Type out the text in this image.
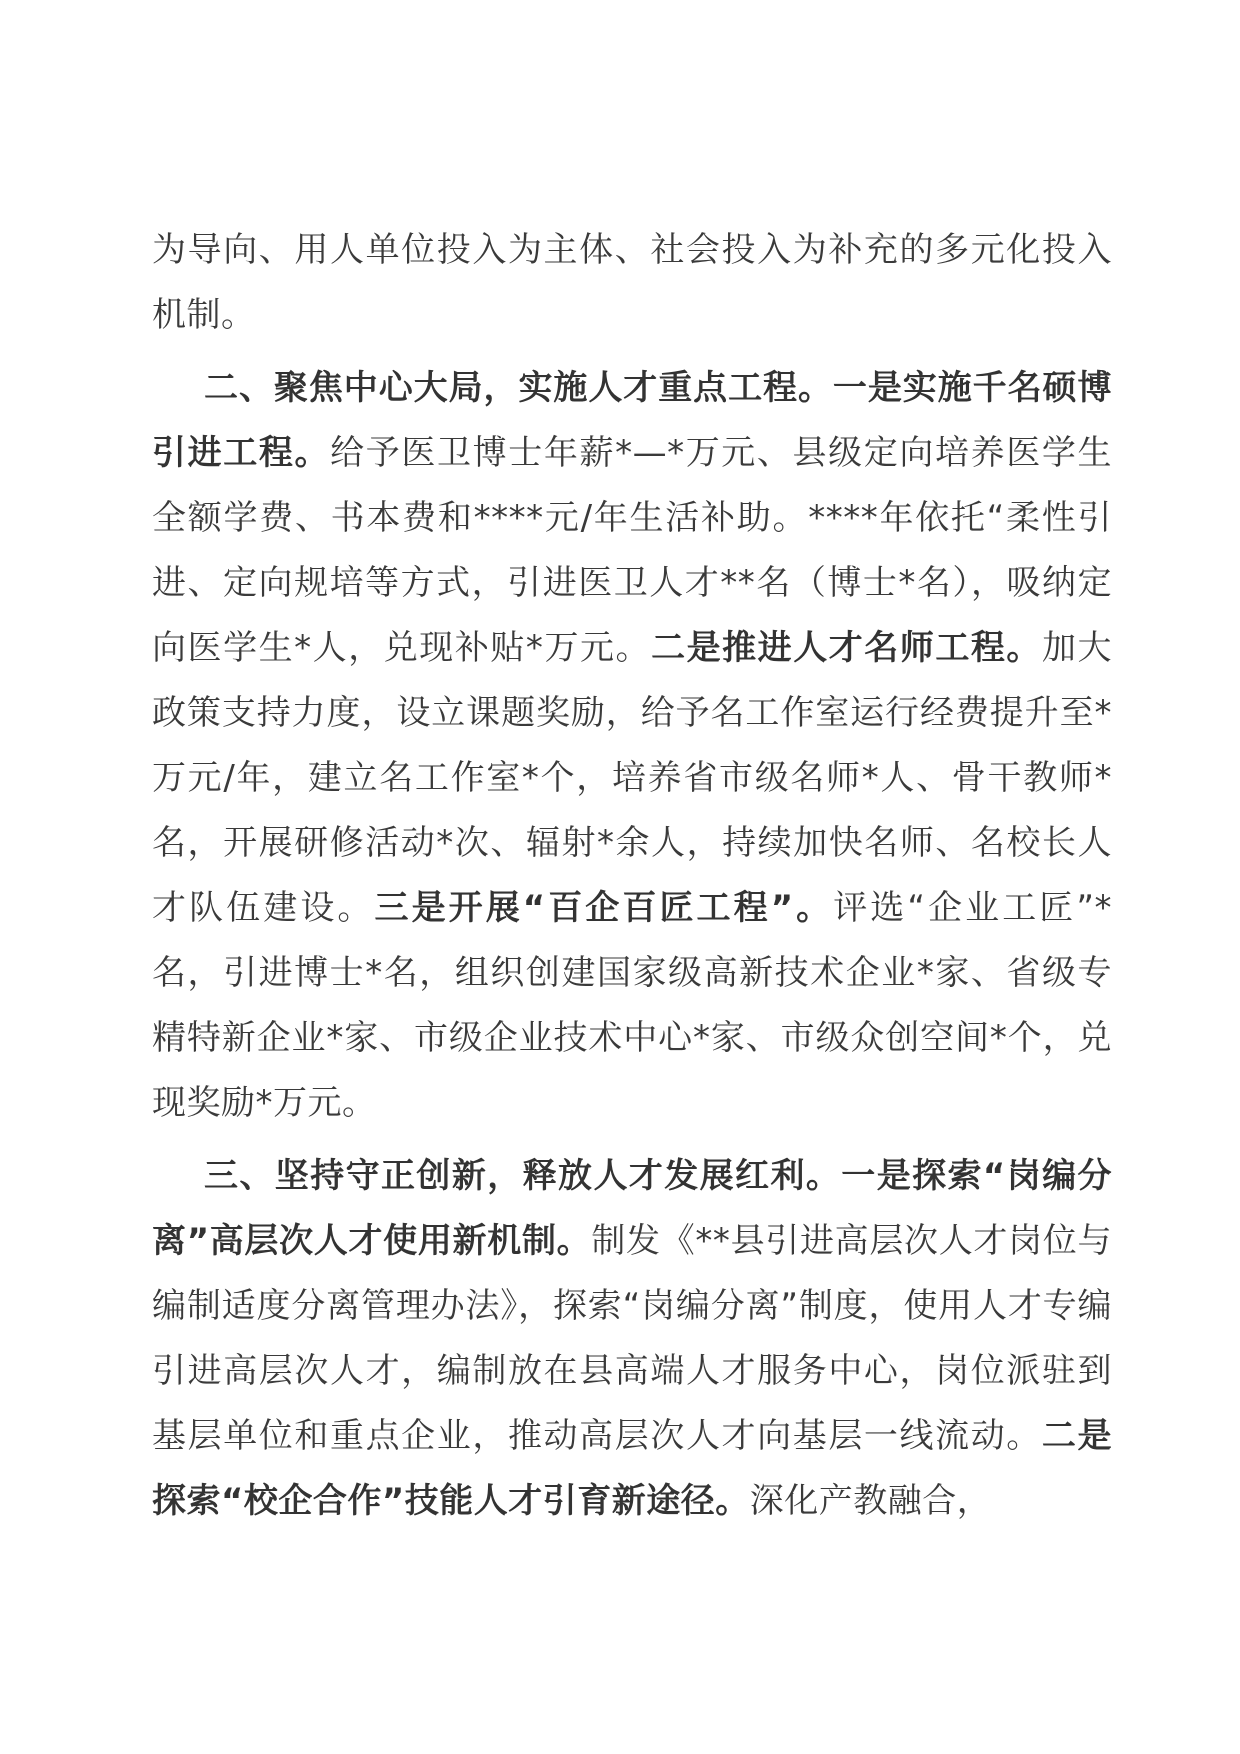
为导向、用人单位投入为主体、社会投入为补充的多元化投入机制。

二、聚焦中心大局，实施人才重点工程。一是实施千名硕博引进工程。给予医卫博士年薪*—*万元、县级定向培养医学生全额学费、书本费和****元/年生活补助。****年依托“柔性引进、定向规培等方式，引进医卫人才**名（博士*名），吸纳定向医学生*人，兑现补贴*万元。二是推进人才名师工程。加大政策支持力度，设立课题奖励，给予名工作室运行经费提升至*万元/年，建立名工作室*个，培养省市级名师*人、骨干教师*名，开展研修活动*次、辐射*余人，持续加快名师、名校长人才队伍建设。三是开展“百企百匠工程”。评选“企业工匠”*名，引进博士*名，组织创建国家级高新技术企业*家、省级专精特新企业*家、市级企业技术中心*家、市级众创空间*个，兑现奖励*万元。

三、坚持守正创新，释放人才发展红利。一是探索“岗编分离”高层次人才使用新机制。制发《**县引进高层次人才岗位与编制适度分离管理办法》，探索“岗编分离”制度，使用人才专编引进高层次人才，编制放在县高端人才服务中心，岗位派驻到基层单位和重点企业，推动高层次人才向基层一线流动。二是探索“校企合作”技能人才引育新途径。深化产教融合，
